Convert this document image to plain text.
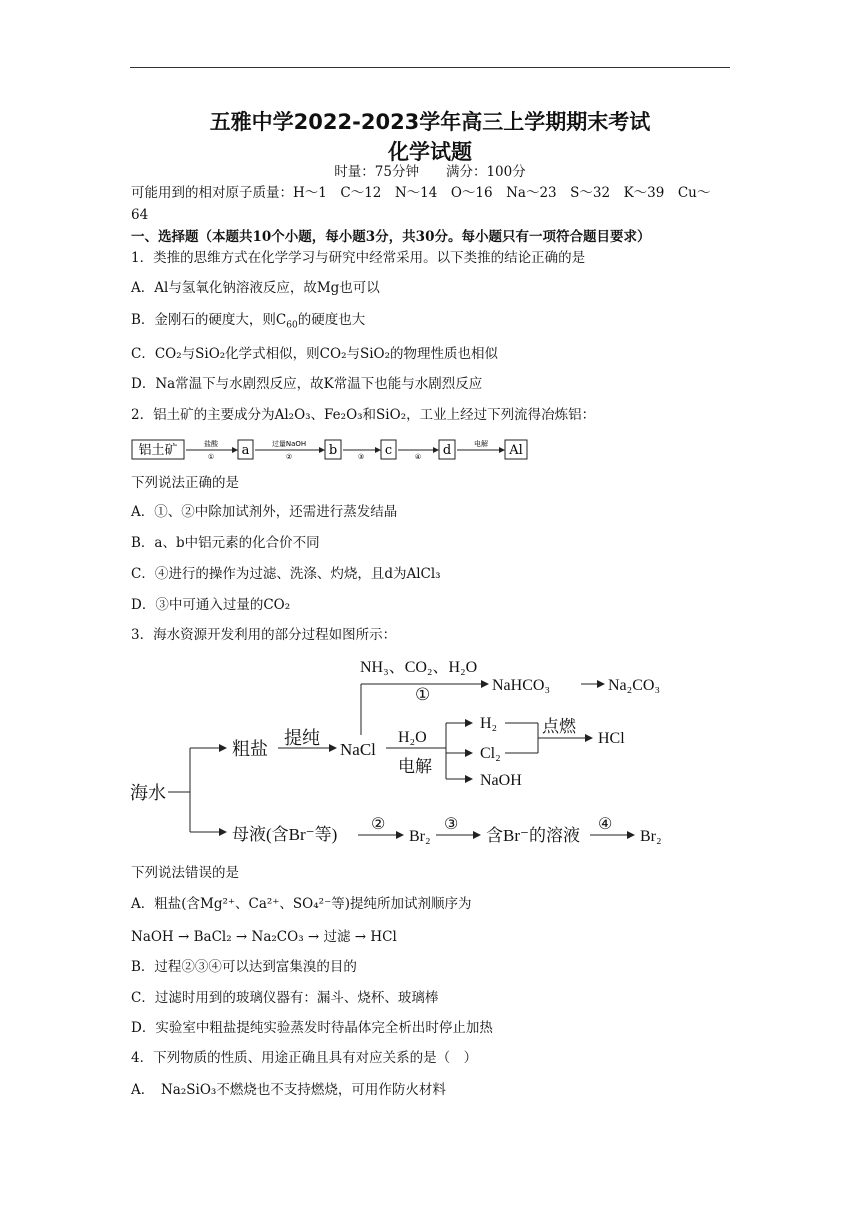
五雅中学2022-2023学年高三上学期期末考试
化学试题
时量：75分钟　　满分：100分
可能用到的相对原子质量：H～1　C～12　N～14　O～16　Na～23　S～32　K～39　Cu～
64
一、选择题（本题共10个小题，每小题3分，共30分。每小题只有一项符合题目要求）
1．类推的思维方式在化学学习与研究中经常采用。以下类推的结论正确的是
A．Al与氢氧化钠溶液反应，故Mg也可以
B．金刚石的硬度大，则$C_{60}$的硬度也大
C．CO₂与SiO₂化学式相似，则CO₂与SiO₂的物理性质也相似
D．Na常温下与水剧烈反应，故K常温下也能与水剧烈反应
2．铝土矿的主要成分为Al₂O₃、Fe₂O₃和SiO₂，工业上经过下列流得冶炼铝：
铝土矿	盐酸
① a	过量NaOH
②	b	③ c	④ d	电解 Al
下列说法正确的是
A．①、②中除加试剂外，还需进行蒸发结晶
B．a、b中铝元素的化合价不同
C．④进行的操作为过滤、洗涤、灼烧，且d为AlCl₃
D．③中可通入过量的CO₂
3．海水资源开发利用的部分过程如图所示：
海水
粗盐
提纯
NaCl
NH₃、CO₂、H₂O
①	NaHCO₃	Na₂CO₃
H₂O
电解
H₂
Cl₂
NaOH
点燃
HCl
母液(含Br⁻等)
②
Br₂
③
含Br⁻的溶液
④
Br₂
下列说法错误的是
A．粗盐(含Mg²⁺、Ca²⁺、SO₄²⁻等)提纯所加试剂顺序为
NaOH → BaCl₂ → Na₂CO₃ → 过滤 → HCl
B．过程②③④可以达到富集溴的目的
C．过滤时用到的玻璃仪器有：漏斗、烧杯、玻璃棒
D．实验室中粗盐提纯实验蒸发时待晶体完全析出时停止加热
4．下列物质的性质、用途正确且具有对应关系的是（　）
A．　Na₂SiO₃不燃烧也不支持燃烧，可用作防火材料
